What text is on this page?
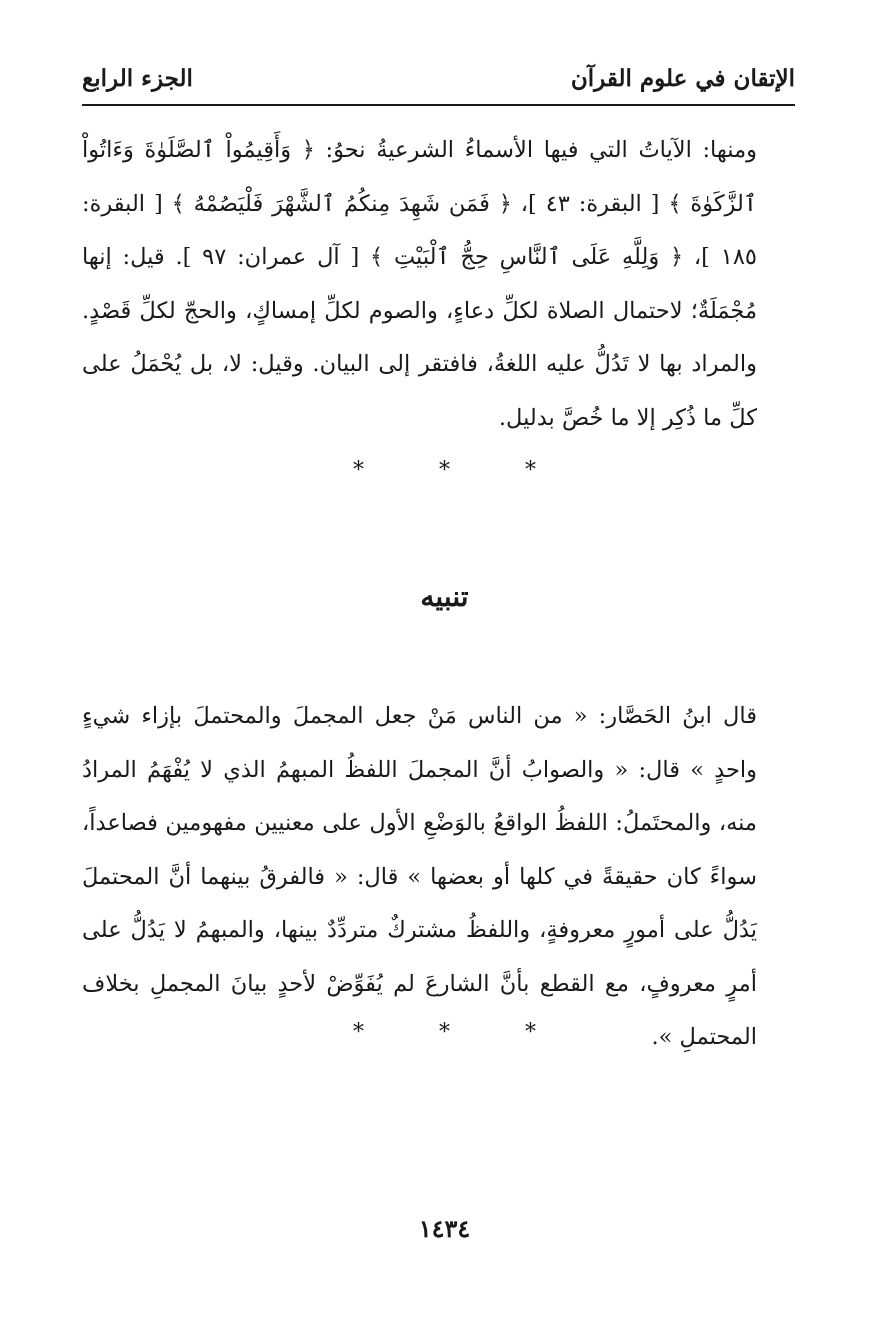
الإتقان في علوم القرآن
الجزء الرابع
ومنها: الآياتُ التي فيها الأسماءُ الشرعيةُ نحوُ: ﴿ وَأَقِيمُواْ ٱلصَّلَوٰةَ وَءَاتُواْ ٱلزَّكَوٰةَ ﴾ [ البقرة: ٤٣ ]، ﴿ فَمَن شَهِدَ مِنكُمُ ٱلشَّهْرَ فَلْيَصُمْهُ ﴾ [ البقرة: ١٨٥ ]، ﴿ وَلِلَّهِ عَلَى ٱلنَّاسِ حِجُّ ٱلْبَيْتِ ﴾ [ آل عمران: ٩٧ ]. قيل: إنها مُجْمَلَةٌ؛ لاحتمال الصلاة لكلِّ دعاءٍ، والصوم لكلِّ إمساكٍ، والحجّ لكلِّ قَصْدٍ. والمراد بها لا تَدُلُّ عليه اللغةُ، فافتقر إلى البيان. وقيل: لا، بل يُحْمَلُ على كلِّ ما ذُكِر إلا ما خُصَّ بدليل.
* * *
تنبيه
قال ابنُ الحَصَّار: « من الناس مَنْ جعل المجملَ والمحتملَ بإزاء شيءٍ واحدٍ » قال: « والصوابُ أنَّ المجملَ اللفظُ المبهمُ الذي لا يُفْهَمُ المرادُ منه، والمحتَملُ: اللفظُ الواقعُ بالوَضْعِ الأول على معنيين مفهومين فصاعداً، سواءً كان حقيقةً في كلها أو بعضها » قال: « فالفرقُ بينهما أنَّ المحتملَ يَدُلُّ على أمورٍ معروفةٍ، واللفظُ مشتركٌ متردِّدٌ بينها، والمبهمُ لا يَدُلُّ على أمرٍ معروفٍ، مع القطع بأنَّ الشارعَ لم يُفَوِّضْ لأحدٍ بيانَ المجملِ بخلاف المحتملِ ».
* * *
١٤٣٤
